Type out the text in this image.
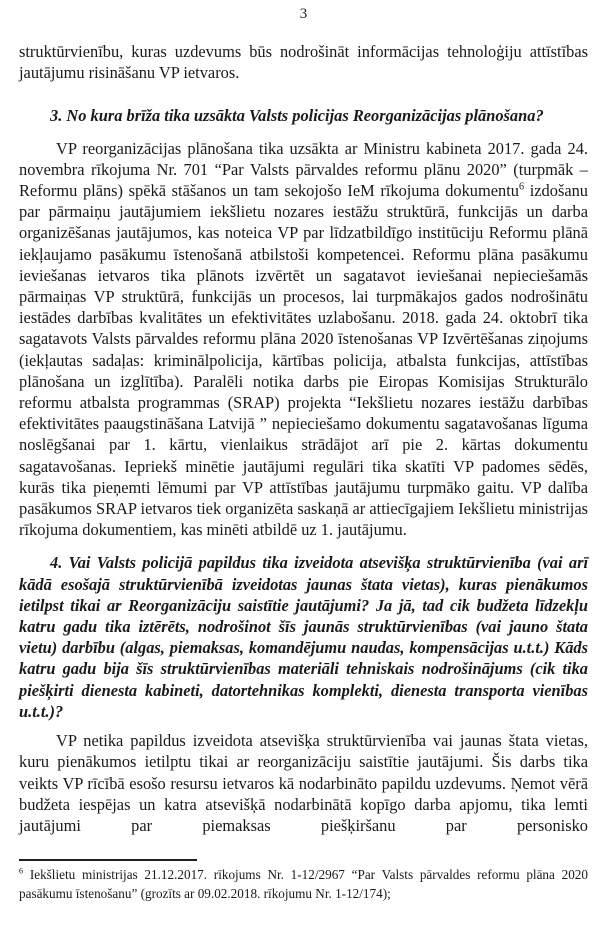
3

struktūrvienību, kuras uzdevums būs nodrošināt informācijas tehnoloģiju attīstības jautājumu risināšanu VP ietvaros.

3. No kura brīža tika uzsākta Valsts policijas Reorganizācijas plānošana?

VP reorganizācijas plānošana tika uzsākta ar Ministru kabineta 2017. gada 24. novembra rīkojuma Nr. 701 “Par Valsts pārvaldes reformu plānu 2020” (turpmāk – Reformu plāns) spēkā stāšanos un tam sekojošo IeM rīkojuma dokumentu$^6$ izdošanu par pārmaiņu jautājumiem iekšlietu nozares iestāžu struktūrā, funkcijās un darba organizēšanas jautājumos, kas noteica VP par līdzatbildīgo institūciju Reformu plānā iekļaujamo pasākumu īstenošanā atbilstoši kompetencei. Reformu plāna pasākumu ieviešanas ietvaros tika plānots izvērtēt un sagatavot ieviešanai nepieciešamās pārmaiņas VP struktūrā, funkcijās un procesos, lai turpmākajos gados nodrošinātu iestādes darbības kvalitātes un efektivitātes uzlabošanu. 2018. gada 24. oktobrī tika sagatavots Valsts pārvaldes reformu plāna 2020 īstenošanas VP Izvērtēšanas ziņojums (iekļautas sadaļas: kriminālpolicija, kārtības policija, atbalsta funkcijas, attīstības plānošana un izglītība). Paralēli notika darbs pie Eiropas Komisijas Strukturālo reformu atbalsta programmas (SRAP) projekta “Iekšlietu nozares iestāžu darbības efektivitātes paaugstināšana Latvijā ” nepieciešamo dokumentu sagatavošanas līguma noslēgšanai par 1. kārtu, vienlaikus strādājot arī pie 2. kārtas dokumentu sagatavošanas. Iepriekš minētie jautājumi regulāri tika skatīti VP padomes sēdēs, kurās tika pieņemti lēmumi par VP attīstības jautājumu turpmāko gaitu. VP dalība pasākumos SRAP ietvaros tiek organizēta saskaņā ar attiecīgajiem Iekšlietu ministrijas rīkojuma dokumentiem, kas minēti atbildē uz 1. jautājumu.

4. Vai Valsts policijā papildus tika izveidota atsevišķa struktūrvienība (vai arī kādā esošajā struktūrvienībā izveidotas jaunas štata vietas), kuras pienākumos ietilpst tikai ar Reorganizāciju saistītie jautājumi? Ja jā, tad cik budžeta līdzekļu katru gadu tika iztērēts, nodrošinot šīs jaunās struktūrvienības (vai jauno štata vietu) darbību (algas, piemaksas, komandējumu naudas, kompensācijas u.t.t.) Kāds katru gadu bija šīs struktūrvienības materiāli tehniskais nodrošinājums (cik tika piešķirti dienesta kabineti, datortehnikas komplekti, dienesta transporta vienības u.t.t.)?

VP netika papildus izveidota atsevišķa struktūrvienība vai jaunas štata vietas, kuru pienākumos ietilptu tikai ar reorganizāciju saistītie jautājumi. Šis darbs tika veikts VP rīcībā esošo resursu ietvaros kā nodarbināto papildu uzdevums. Ņemot vērā budžeta iespējas un katra atsevišķā nodarbinātā kopīgo darba apjomu, tika lemti jautājumi par piemaksas piešķiršanu par personisko

$^6$ Iekšlietu ministrijas 21.12.2017. rīkojums Nr. 1-12/2967 “Par Valsts pārvaldes reformu plāna 2020 pasākumu īstenošanu” (grozīts ar 09.02.2018. rīkojumu Nr. 1-12/174);
